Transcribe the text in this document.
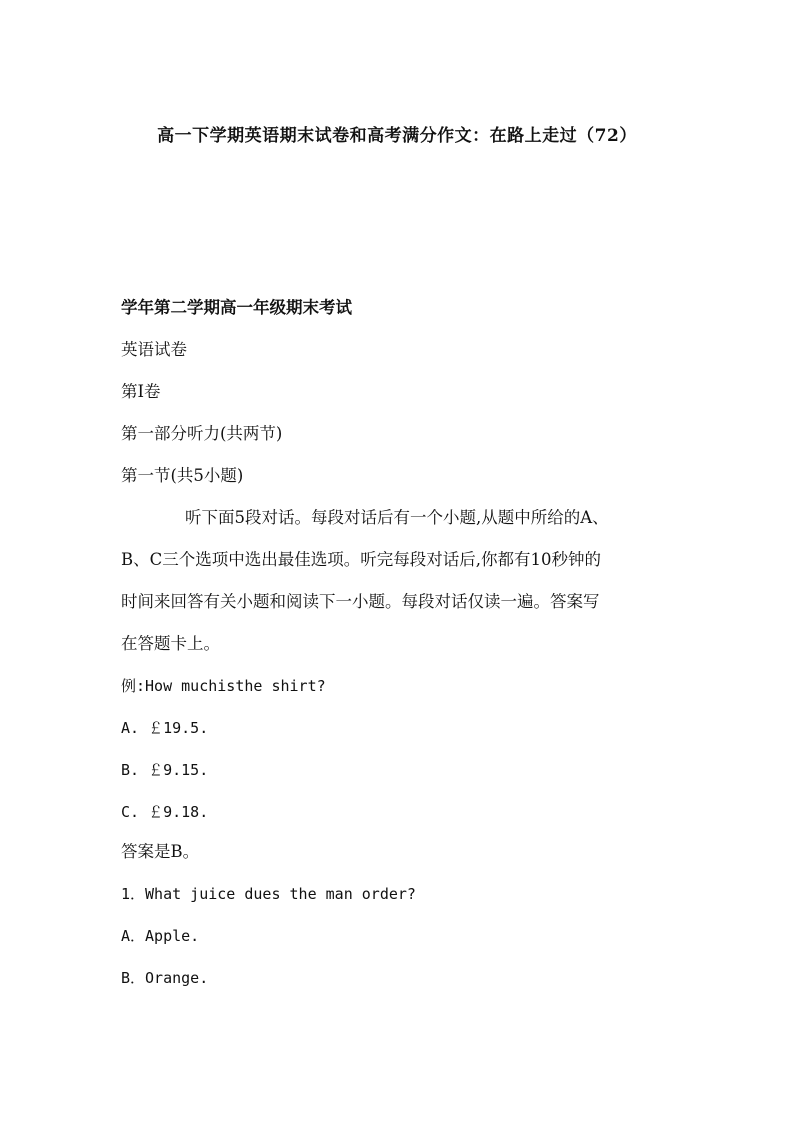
高一下学期英语期末试卷和高考满分作文：在路上走过（72）
学年第二学期高一年级期末考试
英语试卷
第Ⅰ卷
第一部分听力(共两节)
第一节(共5小题)
听下面5段对话。每段对话后有一个小题,从题中所给的A、
B、C三个选项中选出最佳选项。听完每段对话后,你都有10秒钟的
时间来回答有关小题和阅读下一小题。每段对话仅读一遍。答案写
在答题卡上。
例:How muchisthe shirt?
A. ￡19.5.
B. ￡9.15.
C. ￡9.18.
答案是B。
1．What juice dues the man order?
A．Apple.
B．Orange.
